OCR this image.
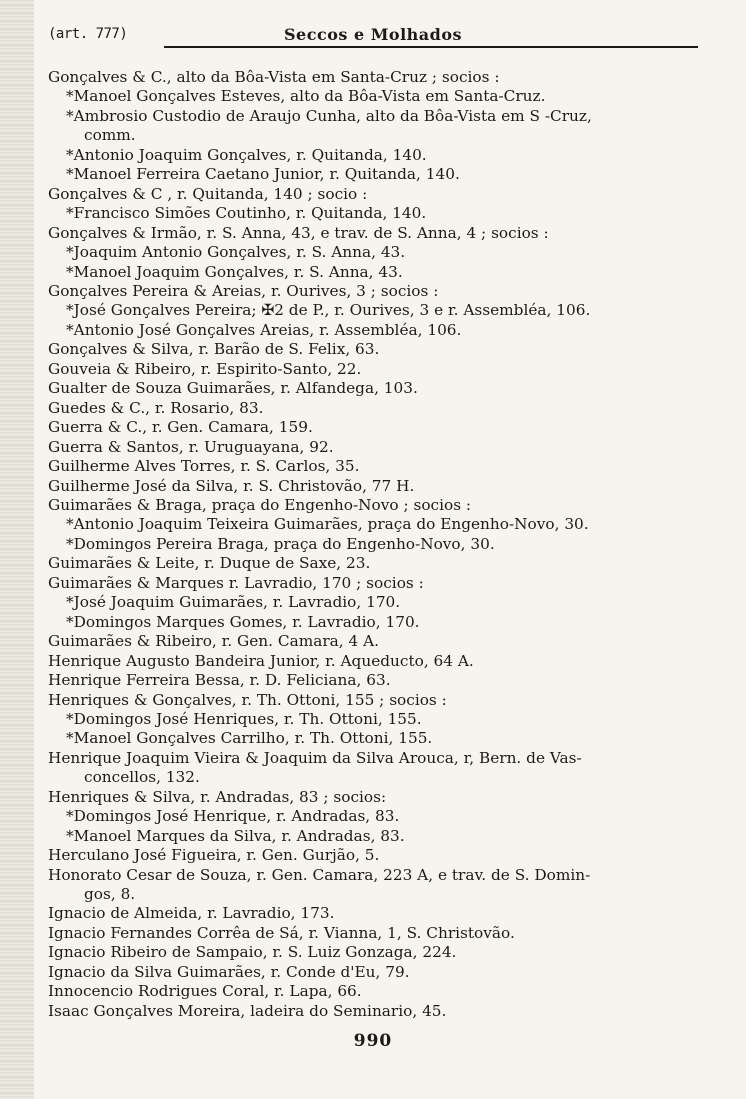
(art. 777)	Seccos e Molhados
Gonçalves & C., alto da Bôa-Vista em Santa-Cruz ; socios :
*Manoel Gonçalves Esteves, alto da Bôa-Vista em Santa-Cruz.
*Ambrosio Custodio de Araujo Cunha, alto da Bôa-Vista em S -Cruz,
comm.
*Antonio Joaquim Gonçalves, r. Quitanda, 140.
*Manoel Ferreira Caetano Junior, r. Quitanda, 140.
Gonçalves & C , r. Quitanda, 140 ; socio :
*Francisco Simões Coutinho, r. Quitanda, 140.
Gonçalves & Irmão, r. S. Anna, 43, e trav. de S. Anna, 4 ; socios :
*Joaquim Antonio Gonçalves, r. S. Anna, 43.
*Manoel Joaquim Gonçalves, r. S. Anna, 43.
Gonçalves Pereira & Areias, r. Ourives, 3 ; socios :
*José Gonçalves Pereira; ✠2 de P., r. Ourives, 3 e r. Assembléa, 106.
*Antonio José Gonçalves Areias, r. Assembléa, 106.
Gonçalves & Silva, r. Barão de S. Felix, 63.
Gouveia & Ribeiro, r. Espirito-Santo, 22.
Gualter de Souza Guimarães, r. Alfandega, 103.
Guedes & C., r. Rosario, 83.
Guerra & C., r. Gen. Camara, 159.
Guerra & Santos, r. Uruguayana, 92.
Guilherme Alves Torres, r. S. Carlos, 35.
Guilherme José da Silva, r. S. Christovão, 77 H.
Guimarães & Braga, praça do Engenho-Novo ; socios :
*Antonio Joaquim Teixeira Guimarães, praça do Engenho-Novo, 30.
*Domingos Pereira Braga, praça do Engenho-Novo, 30.
Guimarães & Leite, r. Duque de Saxe, 23.
Guimarães & Marques r. Lavradio, 170 ; socios :
*José Joaquim Guimarães, r. Lavradio, 170.
*Domingos Marques Gomes, r. Lavradio, 170.
Guimarães & Ribeiro, r. Gen. Camara, 4 A.
Henrique Augusto Bandeira Junior, r. Aqueducto, 64 A.
Henrique Ferreira Bessa, r. D. Feliciana, 63.
Henriques & Gonçalves, r. Th. Ottoni, 155 ; socios :
*Domingos José Henriques, r. Th. Ottoni, 155.
*Manoel Gonçalves Carrilho, r. Th. Ottoni, 155.
Henrique Joaquim Vieira & Joaquim da Silva Arouca, r, Bern. de Vas-
concellos, 132.
Henriques & Silva, r. Andradas, 83 ; socios:
*Domingos José Henrique, r. Andradas, 83.
*Manoel Marques da Silva, r. Andradas, 83.
Herculano José Figueira, r. Gen. Gurjão, 5.
Honorato Cesar de Souza, r. Gen. Camara, 223 A, e trav. de S. Domin-
gos, 8.
Ignacio de Almeida, r. Lavradio, 173.
Ignacio Fernandes Corrêa de Sá, r. Vianna, 1, S. Christovão.
Ignacio Ribeiro de Sampaio, r. S. Luiz Gonzaga, 224.
Ignacio da Silva Guimarães, r. Conde d'Eu, 79.
Innocencio Rodrigues Coral, r. Lapa, 66.
Isaac Gonçalves Moreira, ladeira do Seminario, 45.
990
